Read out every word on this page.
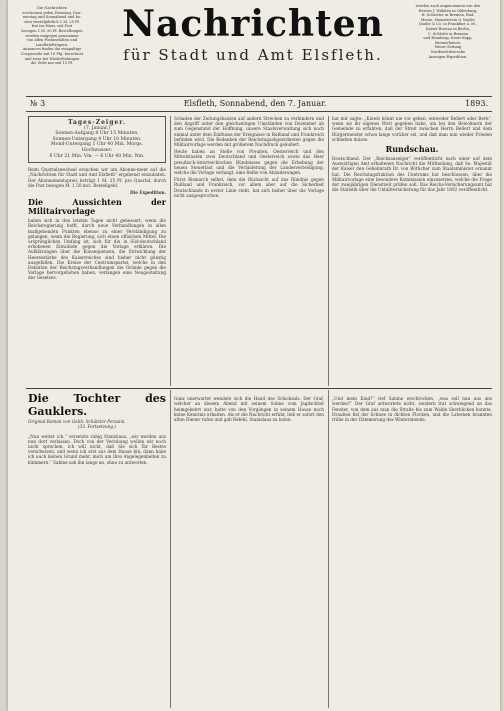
Die Nachrichten
erscheinen jeden Dienstag, Don-
nerstag und Sonnabend und ko-
sten vierteljährlich 1 M. 25 Pf.
frei ins Haus, mit Post
bezogen 1 M. 50 Pf. Bestellungen
werden entgegen genommen
von allen Postanstalten und
Landbriefträgern.
Annoncen finden die einspaltige
Corpuszeile mit 10 Pfg. berechnet
und zwar bei Wiederholungen
die Zeile nur mit 15 Pf.
Nachrichten
für Stadt und Amt Elsfleth.
werden auch angenommen von den
Herren J. Wübben in Oldenburg,
H. Schröder in Bremen, Rud.
Mosse, Haasenstein & Vogler,
Daube & Co. in Frankfurt a. M.,
Kaiser Bureau in Berlin,
C. Schlotte in Bremen
und Hamburg, Ernst Kapp,
Bremerhaven,
Weser-Zeitung
Nordwestdeutsche
Anzeigen-Expedition.
№ 3	Elsfleth, Sonnabend, den 7. Januar.	1893.
Tages-Zeiger.
(7. Januar.)
Sonnen-Aufgang 8 Uhr 15 Minuten.
Sonnen-Untergang 4 Uhr 10 Minuten.
Mond-Untergang 1 Uhr 40 Min. Morgs.
Hochwasser:
6 Uhr 21 Min. Vm. — 6 Uhr 40 Min. Nm.

Beim Quartalswechsel ersuchen wir um Abonne-ment auf die „Nachrichten für Stadt und Amt Elsfleth“ ergebenst einzuladen. Der Abonnementspreis beträgt 1 M. 25 Pf. pro Quartal, durch die Post bezogen M. 1.50 incl. Bestellgeld.

Die Expedition.

Die Aussichten der Militairvorlage

haben sich in den letzten Tagen nicht gebessert, wenn die Reichsregierung hofft, durch neue Verhandlungen in allen maßgebenden Punkten ebenso zu einer Verständigung zu gelangen, wenn die Regierung, sich einen offiziösen Mittel. Die ursprünglichen Umfang ist, sich für die in Süd-deutschland erhobenen Einwände gegen die Vorlage erklären. Die Aufklärungen über die Konsequenzen, die Entwicklung der Heeresstärke des Kaiserreiches sind bisher nicht günstig ausgefallen. Die Kreise der Centrumspartei, welche in den Debatten der Reichstagsverhandlungen die Gründe gegen die Vorlage hervorgehoben haben, verlangen eine Neugestaltung des Gesetzes.

Schaden der Zeitungsbauten auf andern Strecken zu verhindern und den Angriff unter den gleichzeitigen Umständen von Dezember ab zum Gegenstand der Hoffnung, unsere Staatsverwaltung sich noch einmal unter dem Einflusse der Ereignisse in Rußland und Frankreich befinden wird. Die Bedenken der Reichstagsabgeordneten gegen die Militairvorlage werden mit größerem Nachdruck geäußert.

Heute haben an Stelle von Preußen, Oesterreich und den Mittelstaaten zwei Deutschland und Oesterreich sowie das Heer preußisch-österreichischen Bündnisses gegen die Erhebung der neuen Steuerlast und die Veränderung der Landesverteidigung, welche die Vorlage verlangt, eine Reihe von Abänderungen.

Fürst Bismarck selbst, dem die Rücksicht auf das Bündnis gegen Rußland und Frankreich, vor allem aber auf die Sicherheit Deutschlands in erster Linie steht, hat sich bisher über die Vorlage nicht ausgesprochen.

hat mir sagte: „Kiewit könnt nie vor gehen, entweder Bellert oder Bern“, wenn sie ihr eigenes Wort gegeben habe, um bei den Bewohnern der Gemeinde zu erfahren, daß der Streit zwischen Herrn Bellert und dem Bürgermeister schon lange vorüber sei, und daß man nun wieder Frieden schließen müsse.

Rundschau.

Deutschland. Der „Reichsanzeiger“ veröffentlicht nach einer auf dem Auswärtigen Amt erhaltenen Nachricht die Mittheilung, daß Se. Majestät der Kaiser den Geheimrath Dr. von Bötticher zum Staatsminister ernannt hat. Die Reichstagsfraktion des Centrums hat beschlossen, über die Militairvorlage eine besondere Kommission einzusetzen, welche die Frage der zweijährigen Dienstzeit prüfen soll. Das Reichs-Versicherungsamt hat die Statistik über die Unfallversicherung für das Jahr 1892 veröffentlicht.

Die Tochter des Gauklers.
Original-Roman von Gebh. Schätzler-Perasini.
(33. Fortsetzung.)

„Nun weiter ich,“ versetzte ruhig Stanislaus, „wir werden uns nun dort verlassen. Doch von der Verlobung wollen wir noch nicht sprechen, ich will nicht, daß Sie sich Ihr Bestes verscherzen, und wenn ich erst aus dem Hause bin, dann habe ich auch keinen Grund mehr, mich um Ihre Angelegenheiten zu kümmern.“ Sabine sah ihn lange an, ohne zu antworten.

Ganz unerwartet wendete sich die Hand des Schicksals. Der Graf, welcher an diesem Abend mit seinem Sohne vom Jagdschloß heimgekehrt war, hatte von den Vorgängen in seinem Hause noch keine Kenntnis erhalten. Als er die Nachricht erfuhr, ließ er sofort den alten Diener rufen und gab Befehl, Stanislaus zu holen.

„Und mein Kind?“ rief Sabine erschrocken, „was soll nun aus uns werden?“ Der Graf antwortete nicht, sondern trat schweigend an das Fenster, von dem aus man die Straße bis zum Walde überblicken konnte. Draußen fiel der Schnee in dichten Flocken, und die Laternen brannten trübe in der Dämmerung des Winterabends.
